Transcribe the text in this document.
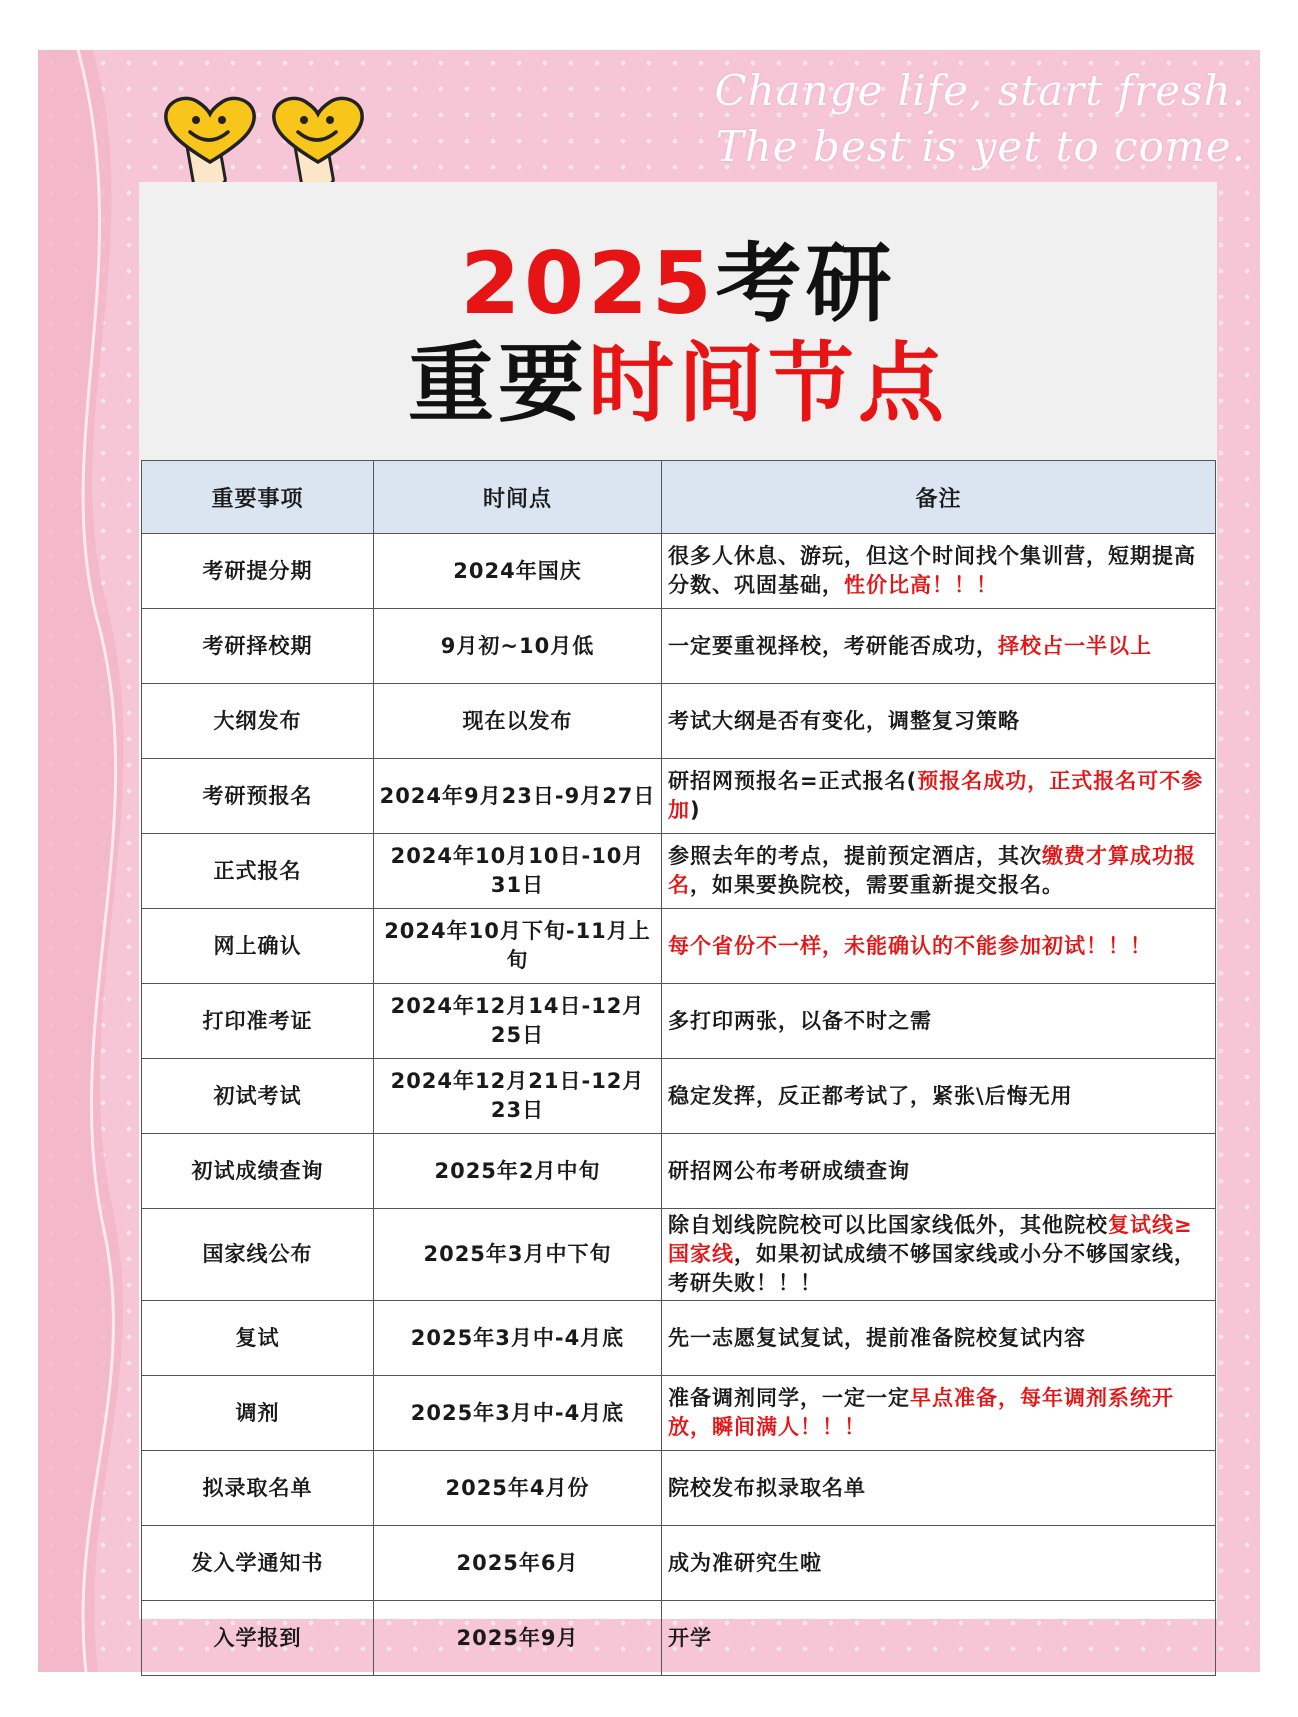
Change life, start fresh.
The best is yet to come.
2025考研
重要时间节点
重要事项	时间点	备注
考研提分期	2024年国庆	很多人休息、游玩，但这个时间找个集训营，短期提高分数、巩固基础，性价比高！！！
考研择校期	9月初~10月低	一定要重视择校，考研能否成功，择校占一半以上
大纲发布	现在以发布	考试大纲是否有变化，调整复习策略
考研预报名	2024年9月23日-9月27日	研招网预报名=正式报名(预报名成功，正式报名可不参加)
正式报名	2024年10月10日-10月31日	参照去年的考点，提前预定酒店，其次缴费才算成功报名，如果要换院校，需要重新提交报名。
网上确认	2024年10月下旬-11月上旬	每个省份不一样，未能确认的不能参加初试！！！
打印准考证	2024年12月14日-12月25日	多打印两张，以备不时之需
初试考试	2024年12月21日-12月23日	稳定发挥，反正都考试了，紧张\后悔无用
初试成绩查询	2025年2月中旬	研招网公布考研成绩查询
国家线公布	2025年3月中下旬	除自划线院院校可以比国家线低外，其他院校复试线≥国家线，如果初试成绩不够国家线或小分不够国家线，考研失败！！！
复试	2025年3月中-4月底	先一志愿复试复试，提前准备院校复试内容
调剂	2025年3月中-4月底	准备调剂同学，一定一定早点准备，每年调剂系统开放，瞬间满人！！！
拟录取名单	2025年4月份	院校发布拟录取名单
发入学通知书	2025年6月	成为准研究生啦
入学报到	2025年9月	开学
